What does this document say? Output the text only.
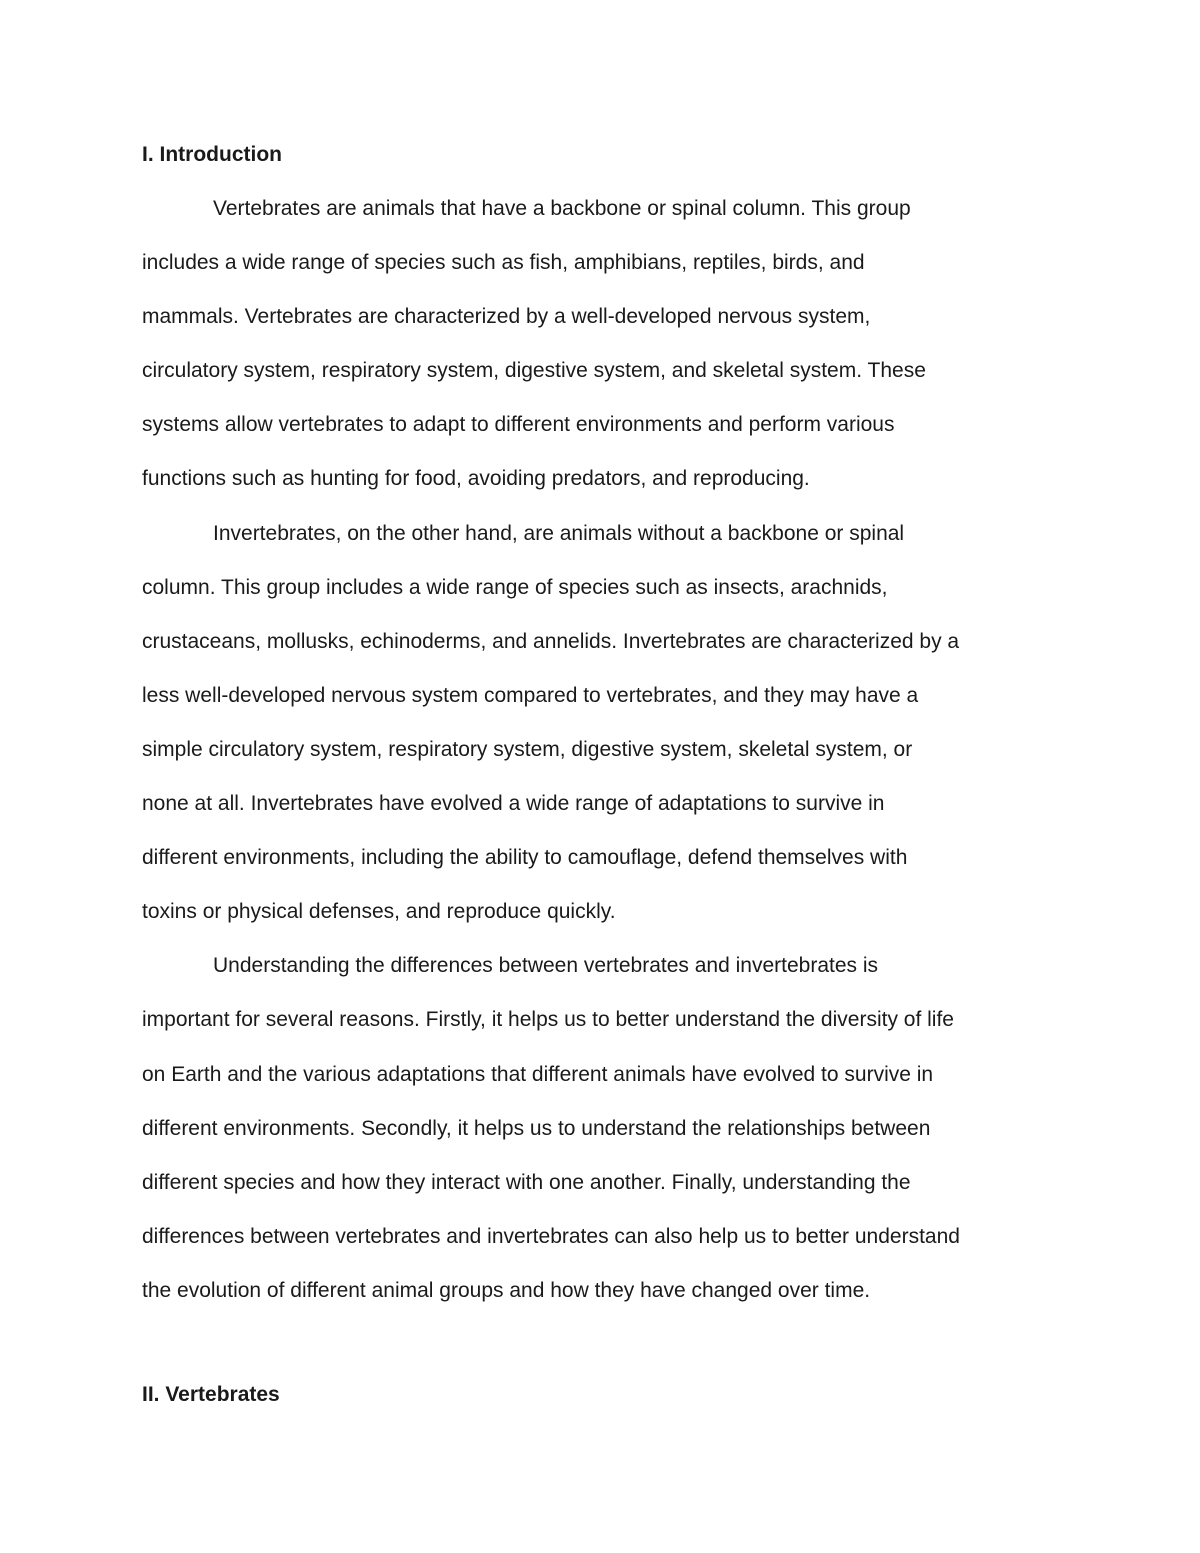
I. Introduction
Vertebrates are animals that have a backbone or spinal column. This group
includes a wide range of species such as fish, amphibians, reptiles, birds, and
mammals. Vertebrates are characterized by a well-developed nervous system,
circulatory system, respiratory system, digestive system, and skeletal system. These
systems allow vertebrates to adapt to different environments and perform various
functions such as hunting for food, avoiding predators, and reproducing.
Invertebrates, on the other hand, are animals without a backbone or spinal
column. This group includes a wide range of species such as insects, arachnids,
crustaceans, mollusks, echinoderms, and annelids. Invertebrates are characterized by a
less well-developed nervous system compared to vertebrates, and they may have a
simple circulatory system, respiratory system, digestive system, skeletal system, or
none at all. Invertebrates have evolved a wide range of adaptations to survive in
different environments, including the ability to camouflage, defend themselves with
toxins or physical defenses, and reproduce quickly.
Understanding the differences between vertebrates and invertebrates is
important for several reasons. Firstly, it helps us to better understand the diversity of life
on Earth and the various adaptations that different animals have evolved to survive in
different environments. Secondly, it helps us to understand the relationships between
different species and how they interact with one another. Finally, understanding the
differences between vertebrates and invertebrates can also help us to better understand
the evolution of different animal groups and how they have changed over time.
II. Vertebrates
